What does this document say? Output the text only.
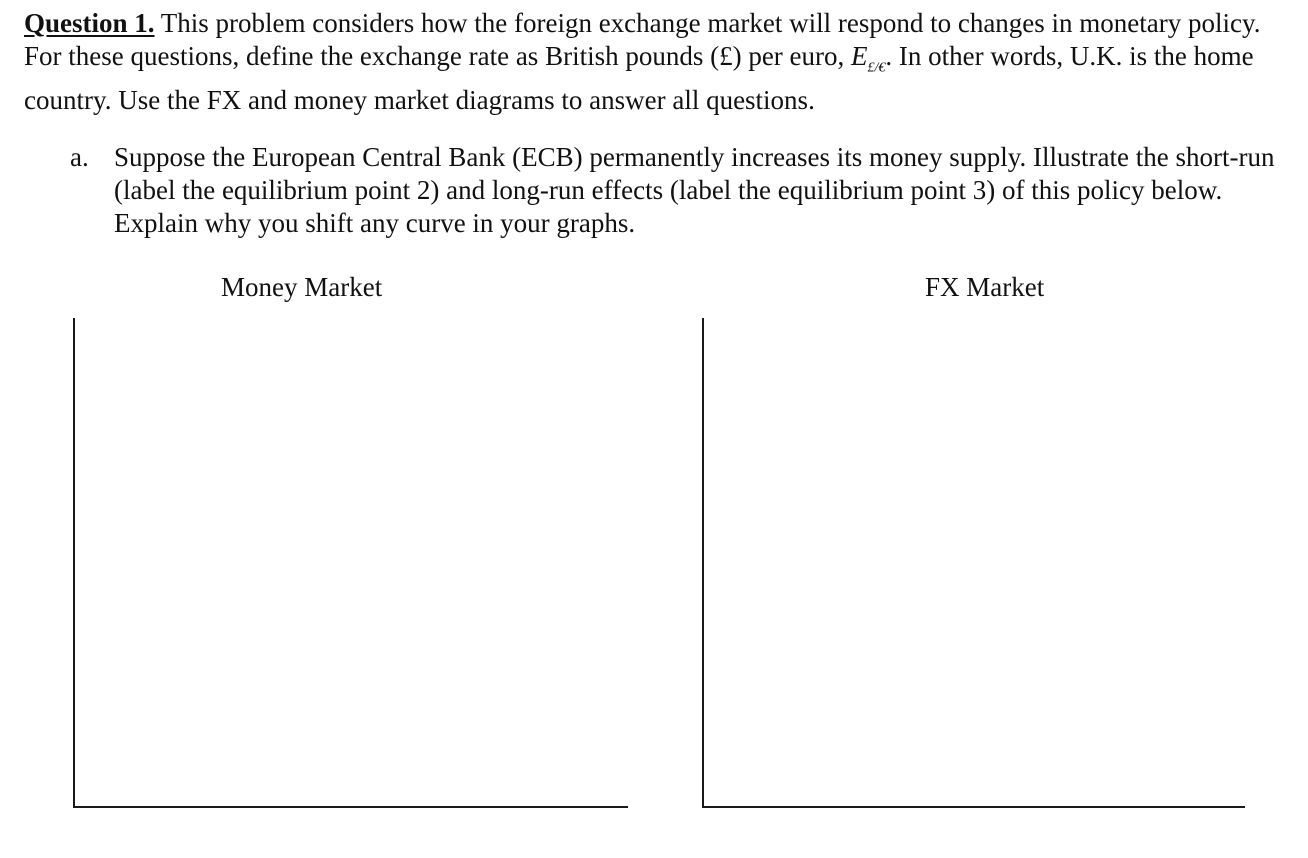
Question 1. This problem considers how the foreign exchange market will respond to changes in monetary policy. For these questions, define the exchange rate as British pounds (£) per euro, $E_{£/€}$. In other words, U.K. is the home country. Use the FX and money market diagrams to answer all questions.
a. Suppose the European Central Bank (ECB) permanently increases its money supply. Illustrate the short-run (label the equilibrium point 2) and long-run effects (label the equilibrium point 3) of this policy below. Explain why you shift any curve in your graphs.
Money Market	FX Market
